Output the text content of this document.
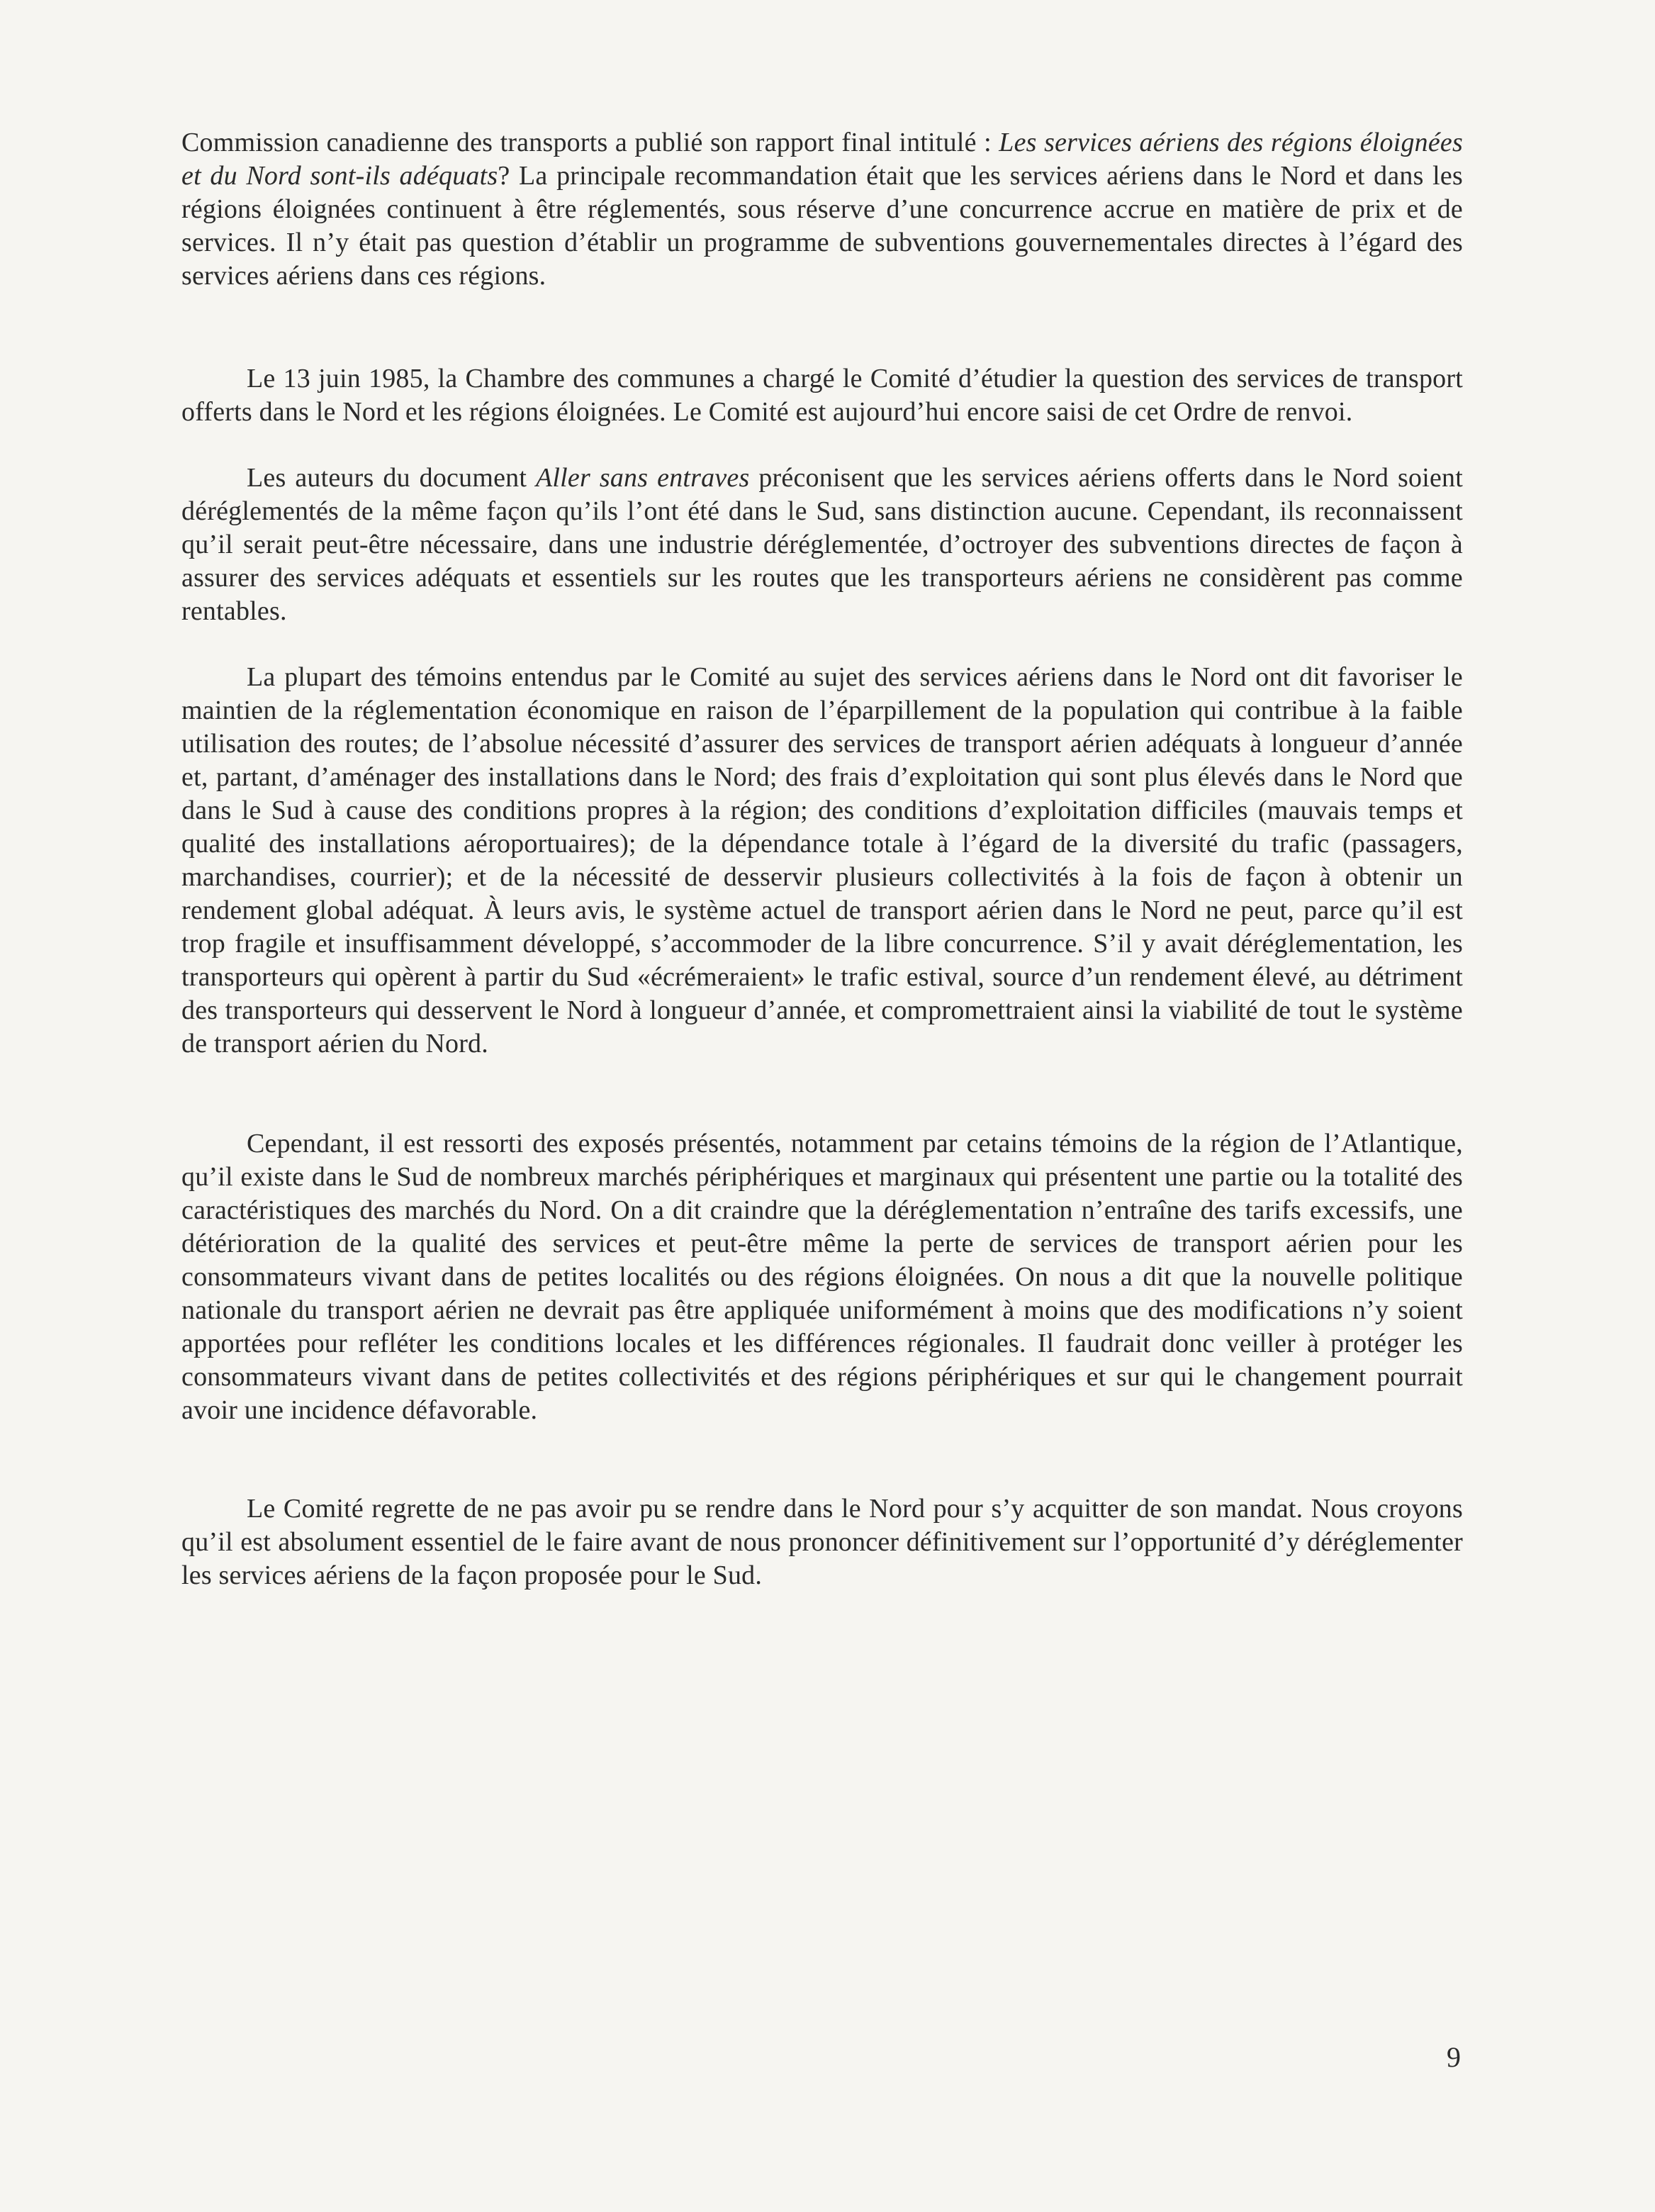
Commission canadienne des transports a publié son rapport final intitulé : Les services aériens des régions éloignées et du Nord sont-ils adéquats? La principale recommandation était que les services aériens dans le Nord et dans les régions éloignées continuent à être réglementés, sous réserve d’une concurrence accrue en matière de prix et de services. Il n’y était pas question d’établir un programme de subventions gouvernementales directes à l’égard des services aériens dans ces régions.

Le 13 juin 1985, la Chambre des communes a chargé le Comité d’étudier la question des services de transport offerts dans le Nord et les régions éloignées. Le Comité est aujourd’hui encore saisi de cet Ordre de renvoi.

Les auteurs du document Aller sans entraves préconisent que les services aériens offerts dans le Nord soient déréglementés de la même façon qu’ils l’ont été dans le Sud, sans distinction aucune. Cependant, ils reconnaissent qu’il serait peut-être nécessaire, dans une industrie déréglementée, d’octroyer des subventions directes de façon à assurer des services adéquats et essentiels sur les routes que les transporteurs aériens ne considèrent pas comme rentables.

La plupart des témoins entendus par le Comité au sujet des services aériens dans le Nord ont dit favoriser le maintien de la réglementation économique en raison de l’éparpillement de la population qui contribue à la faible utilisation des routes; de l’absolue nécessité d’assurer des services de transport aérien adéquats à longueur d’année et, partant, d’aménager des installations dans le Nord; des frais d’exploitation qui sont plus élevés dans le Nord que dans le Sud à cause des conditions propres à la région; des conditions d’exploitation difficiles (mauvais temps et qualité des installations aéroportuaires); de la dépendance totale à l’égard de la diversité du trafic (passagers, marchandises, courrier); et de la nécessité de desservir plusieurs collectivités à la fois de façon à obtenir un rendement global adéquat. À leurs avis, le système actuel de transport aérien dans le Nord ne peut, parce qu’il est trop fragile et insuffisamment développé, s’accommoder de la libre concurrence. S’il y avait déréglementation, les transporteurs qui opèrent à partir du Sud «écrémeraient» le trafic estival, source d’un rendement élevé, au détriment des transporteurs qui desservent le Nord à longueur d’année, et compromettraient ainsi la viabilité de tout le système de transport aérien du Nord.

Cependant, il est ressorti des exposés présentés, notamment par cetains témoins de la région de l’Atlantique, qu’il existe dans le Sud de nombreux marchés périphériques et marginaux qui présentent une partie ou la totalité des caractéristiques des marchés du Nord. On a dit craindre que la déréglementation n’entraîne des tarifs excessifs, une détérioration de la qualité des services et peut-être même la perte de services de transport aérien pour les consommateurs vivant dans de petites localités ou des régions éloignées. On nous a dit que la nouvelle politique nationale du transport aérien ne devrait pas être appliquée uniformément à moins que des modifications n’y soient apportées pour refléter les conditions locales et les différences régionales. Il faudrait donc veiller à protéger les consommateurs vivant dans de petites collectivités et des régions périphériques et sur qui le changement pourrait avoir une incidence défavorable.

Le Comité regrette de ne pas avoir pu se rendre dans le Nord pour s’y acquitter de son mandat. Nous croyons qu’il est absolument essentiel de le faire avant de nous prononcer définitivement sur l’opportunité d’y déréglementer les services aériens de la façon proposée pour le Sud.

9
